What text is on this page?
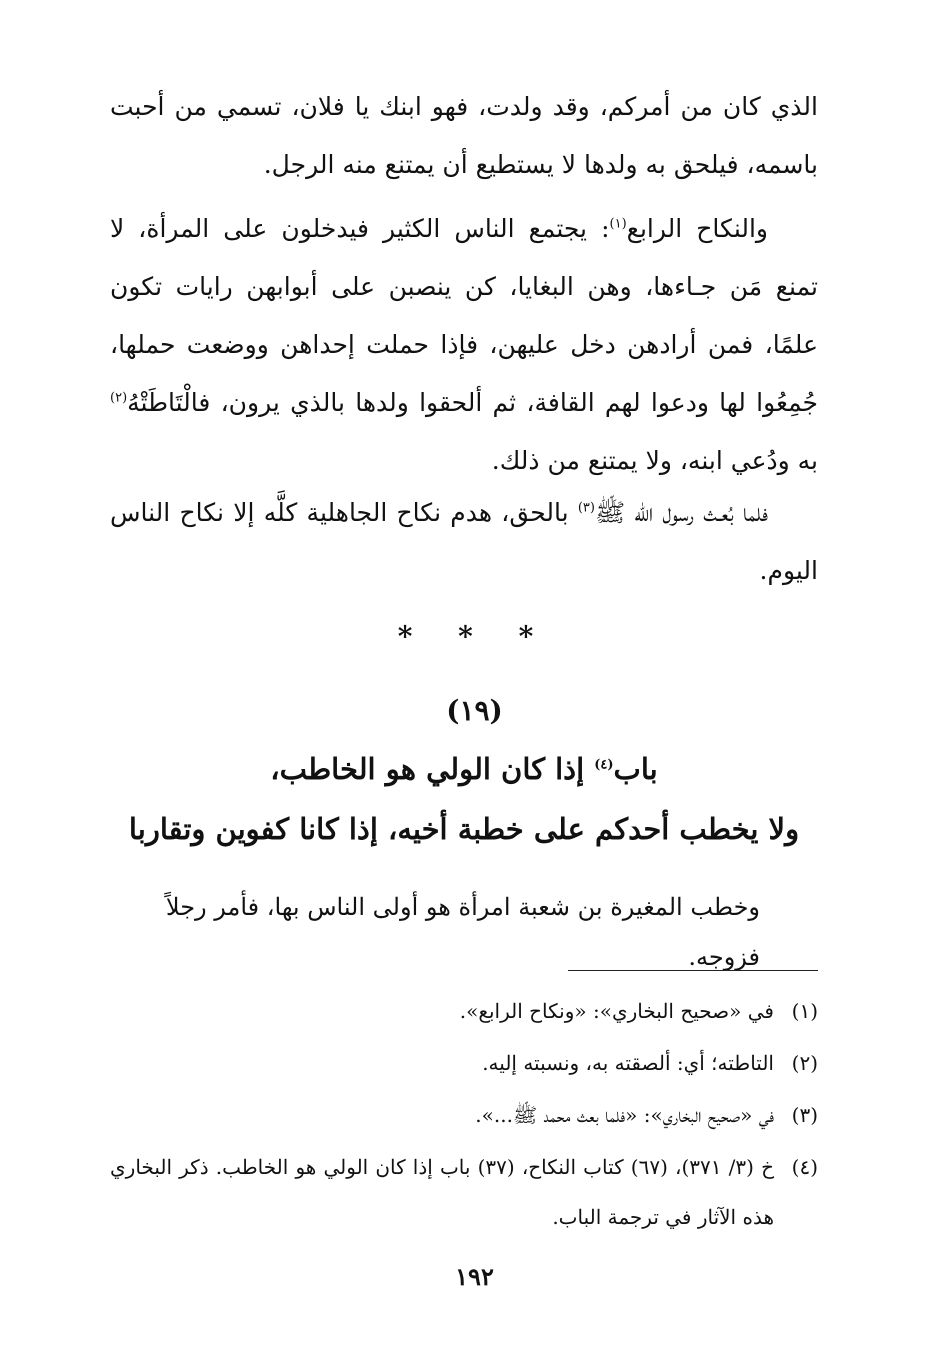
الذي كان من أمركم، وقد ولدت، فهو ابنك يا فلان، تسمي من أحبت باسمه، فيلحق به ولدها لا يستطيع أن يمتنع منه الرجل.

والنكاح الرابع$^{(١)}$: يجتمع الناس الكثير فيدخلون على المرأة، لا تمنع مَن جـاءها، وهن البغايا، كن ينصبن على أبوابهن رايات تكون علمًا، فمن أرادهن دخل عليهن، فإذا حملت إحداهن ووضعت حملها، جُمِعُوا لها ودعوا لهم القافة، ثم ألحقوا ولدها بالذي يرون، فالْتَاطَتْهُ$^{(٢)}$ به ودُعي ابنه، ولا يمتنع من ذلك.

فلما بُعـث رسول الله ﷺ$^{(٣)}$ بالحق، هدم نكاح الجاهلية كلَّه إلا نكاح الناس اليوم.

* * *
(١٩)
باب$^{(٤)}$ إذا كان الولي هو الخاطب،
ولا يخطب أحدكم على خطبة أخيه، إذا كانا كفوين وتقاربا
وخطب المغيرة بن شعبة امرأة هو أولى الناس بها، فأمر رجلاً فزوجه.
(١)
في «صحيح البخاري»: «ونكاح الرابع».
(٢)
التاطته؛ أي: ألصقته به، ونسبته إليه.
(٣)
في «صحيح البخاري»: «فلما بعث محمد ﷺ...».
(٤)
خ (٣/ ٣٧١)، (٦٧) كتاب النكاح، (٣٧) باب إذا كان الولي هو الخاطب. ذكر البخاري هذه الآثار في ترجمة الباب.
١٩٢
